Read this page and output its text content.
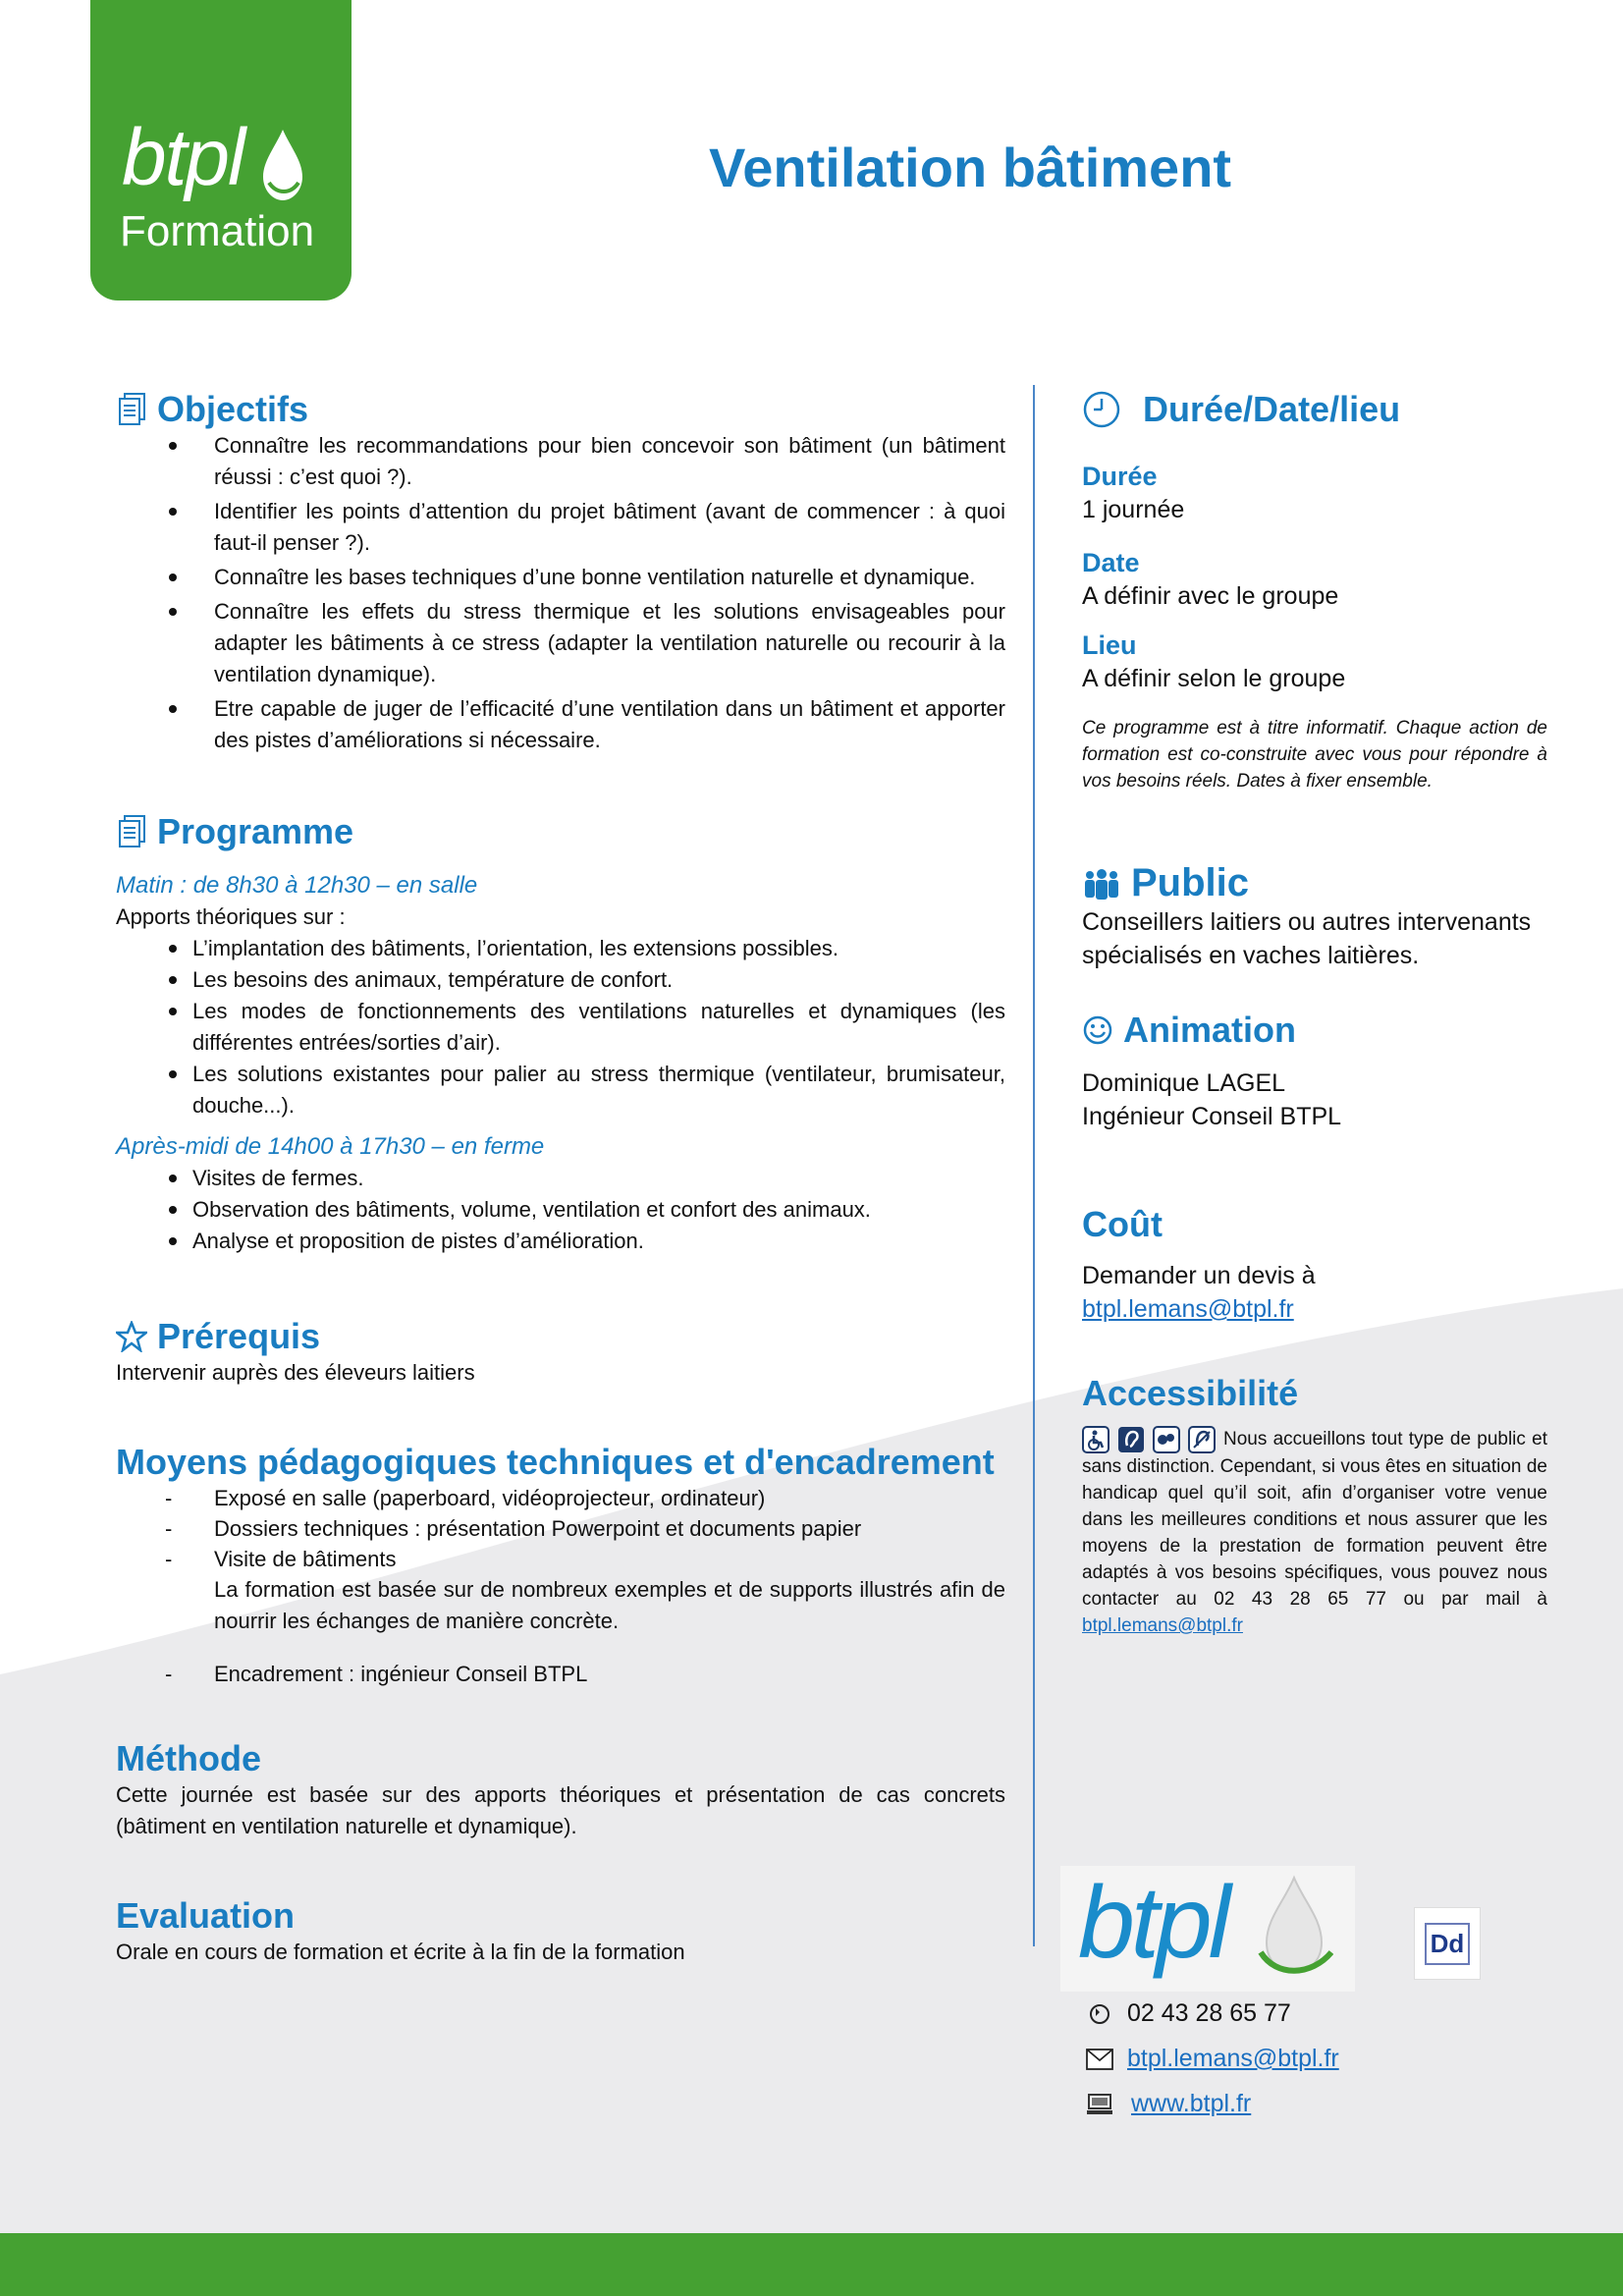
btpl
Formation
Ventilation bâtiment
Objectifs
Connaître les recommandations pour bien concevoir son bâtiment (un bâtiment réussi : c’est quoi ?).
Identifier les points d’attention du projet bâtiment (avant de commencer : à quoi faut-il penser ?).
Connaître les bases techniques d’une bonne ventilation naturelle et dynamique.
Connaître les effets du stress thermique et les solutions envisageables pour adapter les bâtiments à ce stress (adapter la ventilation naturelle ou recourir à la ventilation dynamique).
Etre capable de juger de l’efficacité d’une ventilation dans un bâtiment et apporter des pistes d’améliorations si nécessaire.
Programme
Matin : de 8h30 à 12h30 – en salle
Apports théoriques sur :
L’implantation des bâtiments, l’orientation, les extensions possibles.
Les besoins des animaux, température de confort.
Les modes de fonctionnements des ventilations naturelles et dynamiques (les différentes entrées/sorties d’air).
Les solutions existantes pour palier au stress thermique (ventilateur, brumisateur, douche...).
Après-midi de 14h00 à 17h30 – en ferme
Visites de fermes.
Observation des bâtiments, volume, ventilation et confort des animaux.
Analyse et proposition de pistes d’amélioration.
Prérequis
Intervenir auprès des éleveurs laitiers
Moyens pédagogiques techniques et d'encadrement
- Exposé en salle (paperboard, vidéoprojecteur, ordinateur)
- Dossiers techniques : présentation Powerpoint et documents papier
- Visite de bâtiments
La formation est basée sur de nombreux exemples et de supports illustrés afin de nourrir les échanges de manière concrète.
- Encadrement : ingénieur Conseil BTPL
Méthode
Cette journée est basée sur des apports théoriques et présentation de cas concrets (bâtiment en ventilation naturelle et dynamique).
Evaluation
Orale en cours de formation et écrite à la fin de la formation
Durée/Date/lieu
Durée
1 journée
Date
A définir avec le groupe
Lieu
A définir selon le groupe
Ce programme est à titre informatif. Chaque action de formation est co-construite avec vous pour répondre à vos besoins réels. Dates à fixer ensemble.
Public
Conseillers laitiers ou autres intervenants spécialisés en vaches laitières.
Animation
Dominique LAGEL
Ingénieur Conseil BTPL
Coût
Demander un devis à
btpl.lemans@btpl.fr
Accessibilité
Nous accueillons tout type de public et sans distinction. Cependant, si vous êtes en situation de handicap quel qu’il soit, afin d’organiser votre venue dans les meilleures conditions et nous assurer que les moyens de la prestation de formation peuvent être adaptés à vos besoins spécifiques, vous pouvez nous contacter au 02 43 28 65 77 ou par mail à btpl.lemans@btpl.fr
btpl	Dd
02 43 28 65 77
btpl.lemans@btpl.fr
www.btpl.fr
